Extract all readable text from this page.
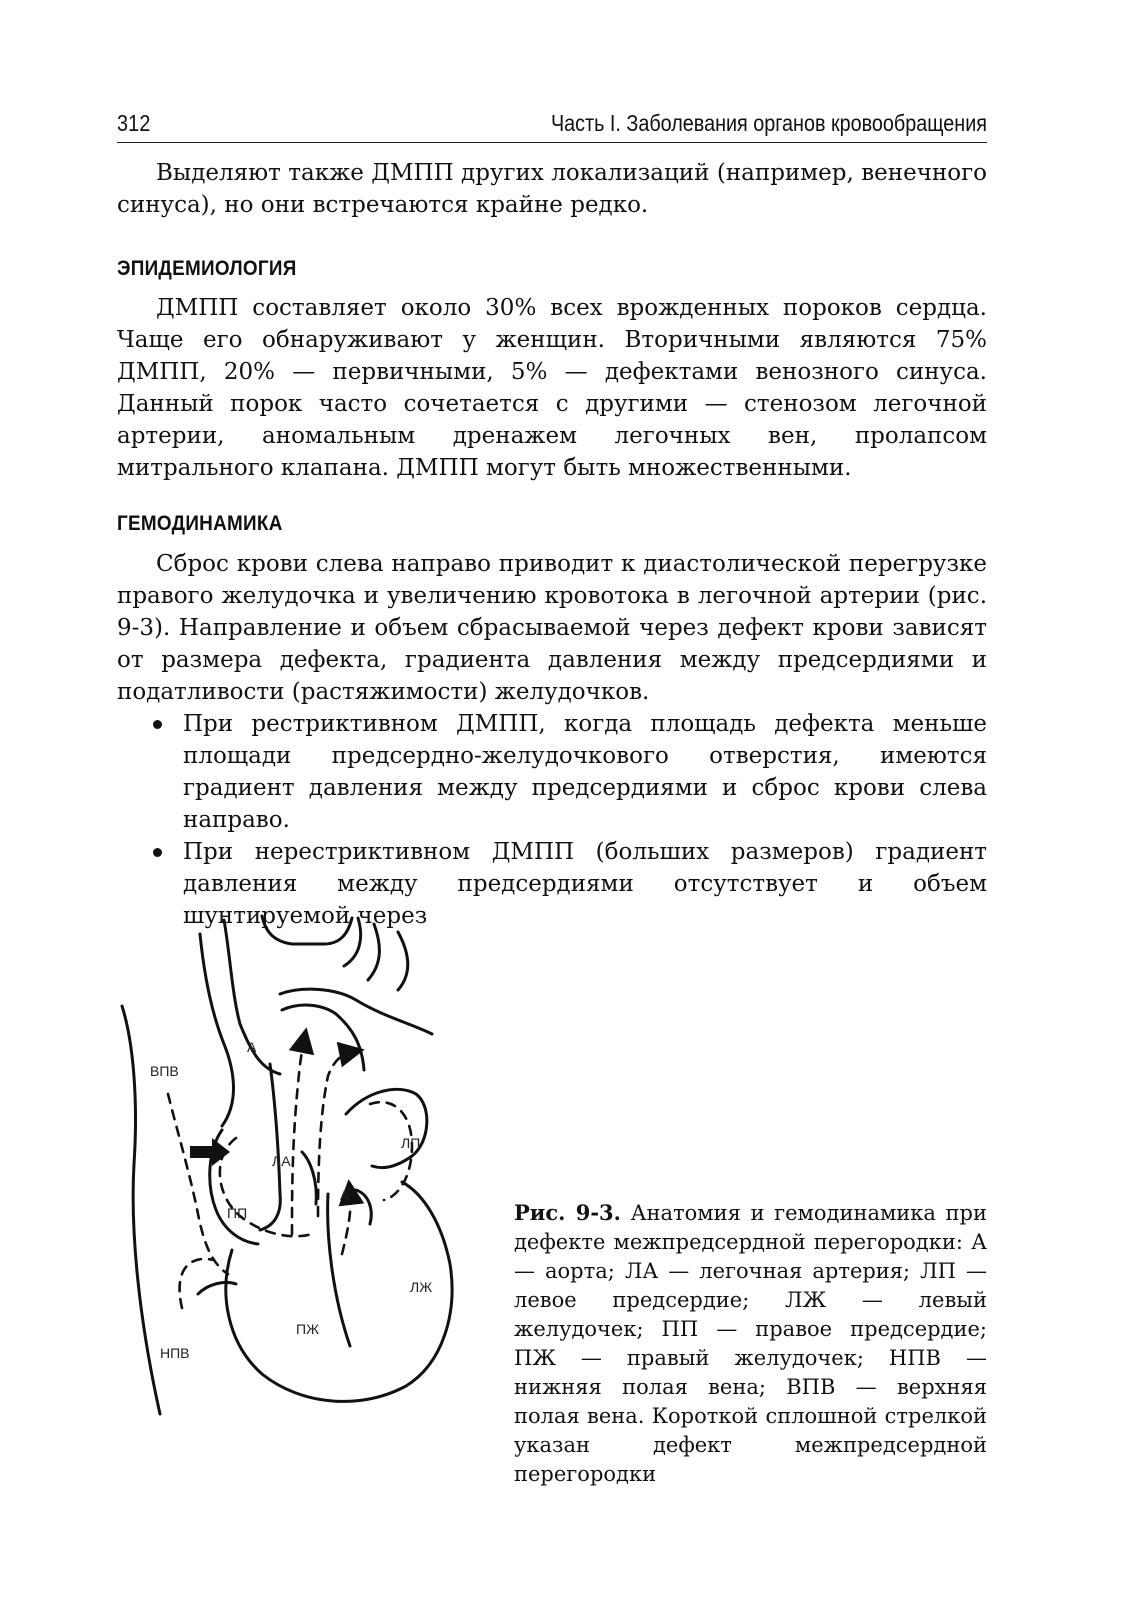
312	Часть I. Заболевания органов кровообращения

Выделяют также ДМПП других локализаций (например, венечного синуса), но они встречаются крайне редко.

ЭПИДЕМИОЛОГИЯ

ДМПП составляет около 30% всех врожденных пороков сердца. Чаще его обнаруживают у женщин. Вторичными являются 75% ДМПП, 20% — первичными, 5% — дефектами венозного синуса. Данный порок часто сочетается с другими — стенозом легочной артерии, аномальным дренажем легочных вен, пролапсом митрального клапана. ДМПП могут быть множественными.

ГЕМОДИНАМИКА

Сброс крови слева направо приводит к диастолической перегрузке правого желудочка и увеличению кровотока в легочной артерии (рис. 9-3). Направление и объем сбрасываемой через дефект крови зависят от размера дефекта, градиента давления между предсердиями и податливости (растяжимости) желудочков.

При рестриктивном ДМПП, когда площадь дефекта меньше площади предсердно-желудочкового отверстия, имеются градиент давления между предсердиями и сброс крови слева направо.
При нерестриктивном ДМПП (больших размеров) градиент давления между предсердиями отсутствует и объем шунтируемой через
А
ВПВ
ЛА
ЛП
А
ПП
ЛЖ
ПЖ
НПВ

Рис. 9-3. Анатомия и гемодинамика при дефекте межпредсердной перегородки: А — аорта; ЛА — легочная артерия; ЛП — левое предсердие; ЛЖ — левый желудочек; ПП — правое предсердие; ПЖ — правый желудочек; НПВ — нижняя полая вена; ВПВ — верхняя полая вена. Короткой сплошной стрелкой указан дефект межпредсердной перегородки
